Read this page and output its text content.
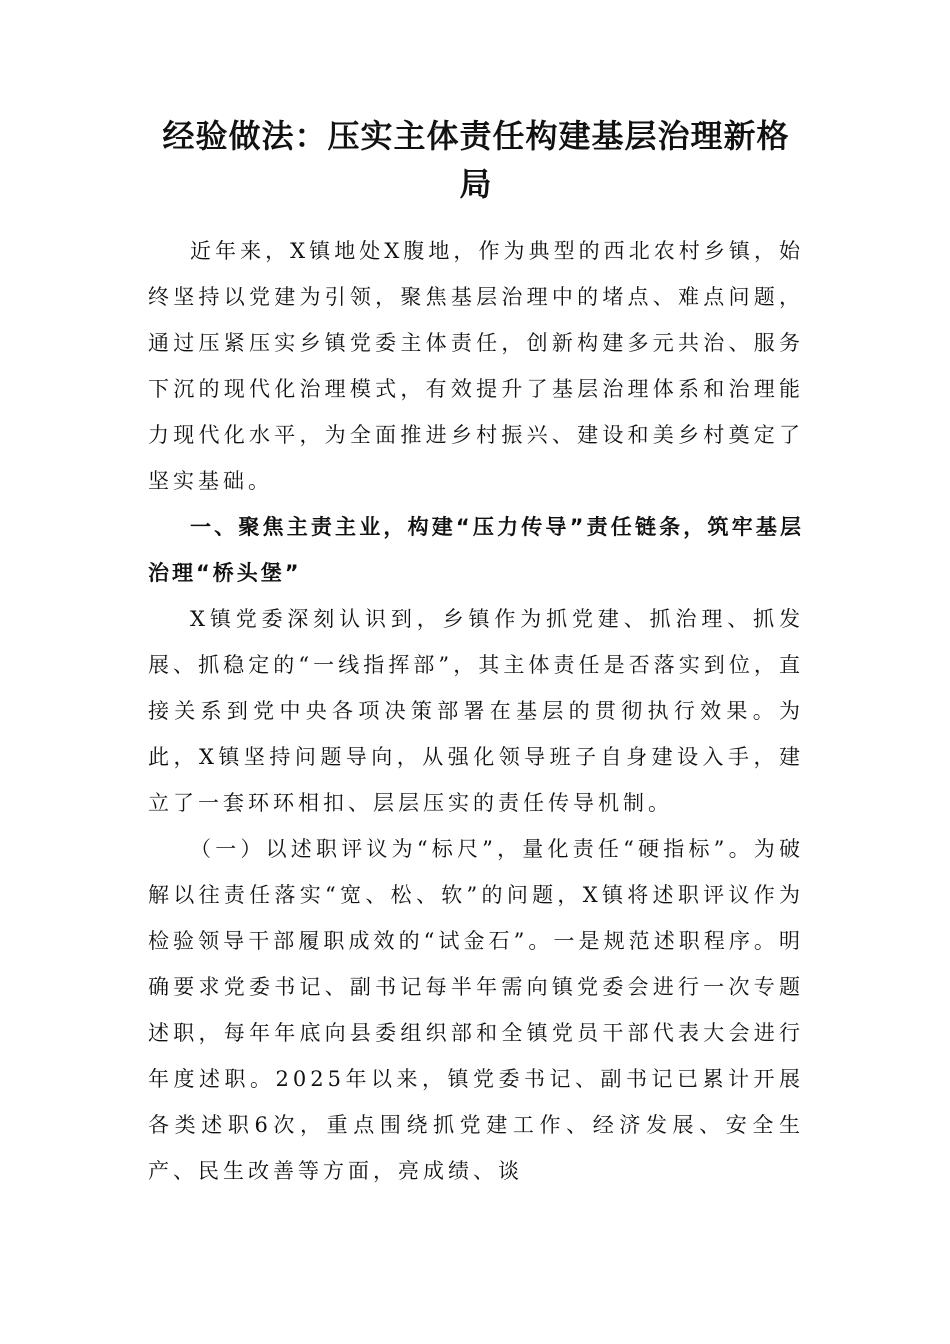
经验做法：压实主体责任构建基层治理新格局

近年来，X镇地处X腹地，作为典型的西北农村乡镇，始终坚持以党建为引领，聚焦基层治理中的堵点、难点问题，通过压紧压实乡镇党委主体责任，创新构建多元共治、服务下沉的现代化治理模式，有效提升了基层治理体系和治理能力现代化水平，为全面推进乡村振兴、建设和美乡村奠定了坚实基础。

一、聚焦主责主业，构建“压力传导”责任链条，筑牢基层治理“桥头堡”

X镇党委深刻认识到，乡镇作为抓党建、抓治理、抓发展、抓稳定的“一线指挥部”，其主体责任是否落实到位，直接关系到党中央各项决策部署在基层的贯彻执行效果。为此，X镇坚持问题导向，从强化领导班子自身建设入手，建立了一套环环相扣、层层压实的责任传导机制。

（一）以述职评议为“标尺”，量化责任“硬指标”。为破解以往责任落实“宽、松、软”的问题，X镇将述职评议作为检验领导干部履职成效的“试金石”。一是规范述职程序。明确要求党委书记、副书记每半年需向镇党委会进行一次专题述职，每年年底向县委组织部和全镇党员干部代表大会进行年度述职。2025年以来，镇党委书记、副书记已累计开展各类述职6次，重点围绕抓党建工作、经济发展、安全生产、民生改善等方面，亮成绩、谈
